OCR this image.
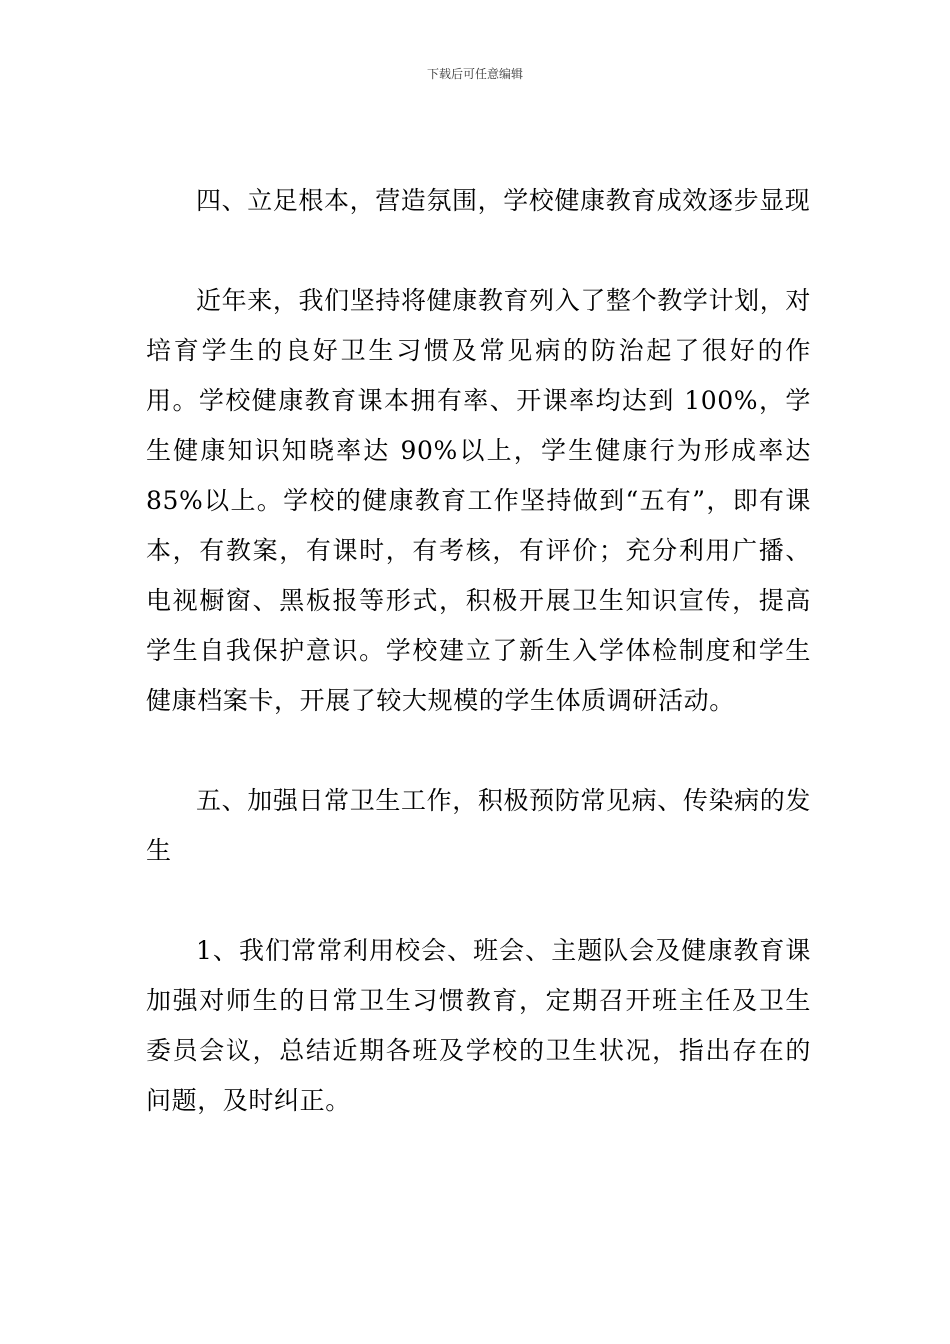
下载后可任意编辑

四、立足根本，营造氛围，学校健康教育成效逐步显现

近年来，我们坚持将健康教育列入了整个教学计划，对培育学生的良好卫生习惯及常见病的防治起了很好的作用。学校健康教育课本拥有率、开课率均达到 100%，学生健康知识知晓率达 90%以上，学生健康行为形成率达 85%以上。学校的健康教育工作坚持做到“五有”，即有课本，有教案，有课时，有考核，有评价；充分利用广播、电视橱窗、黑板报等形式，积极开展卫生知识宣传，提高学生自我保护意识。学校建立了新生入学体检制度和学生健康档案卡，开展了较大规模的学生体质调研活动。

五、加强日常卫生工作，积极预防常见病、传染病的发生

1、我们常常利用校会、班会、主题队会及健康教育课加强对师生的日常卫生习惯教育，定期召开班主任及卫生委员会议，总结近期各班及学校的卫生状况，指出存在的问题，及时纠正。
